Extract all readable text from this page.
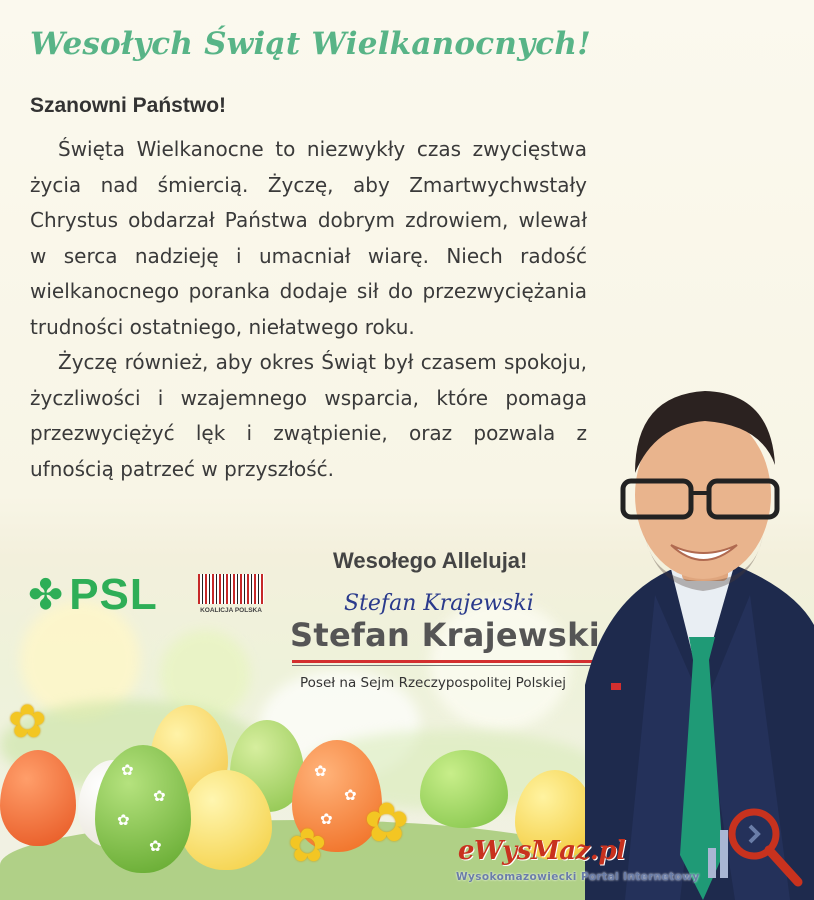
Wesołych Świąt Wielkanocnych!
Szanowni Państwo!

Święta Wielkanocne to niezwykły czas zwycięstwa życia nad śmiercią. Życzę, aby Zmartwychwstały Chrystus obdarzał Państwa dobrym zdrowiem, wlewał w serca nadzieję i umacniał wiarę. Niech radość wielkanocnego poranka dodaje sił do przezwyciężania trudności ostatniego, niełatwego roku.

Życzę również, aby okres Świąt był czasem spokoju, życzliwości i wzajemnego wsparcia, które pomaga przezwyciężyć lęk i zwątpienie, oraz pozwala z ufnością patrzeć w przyszłość.

✿
✿
✿
✿
✿
✿
✿
✿
✿ ✿
✤ PSL	KOALICJA POLSKA
Wesołego Alleluja!
Stefan Krajewski
Stefan Krajewski
Poseł na Sejm Rzeczypospolitej Polskiej
eWysMaz.pl
Wysokomazowiecki Portal Internetowy
